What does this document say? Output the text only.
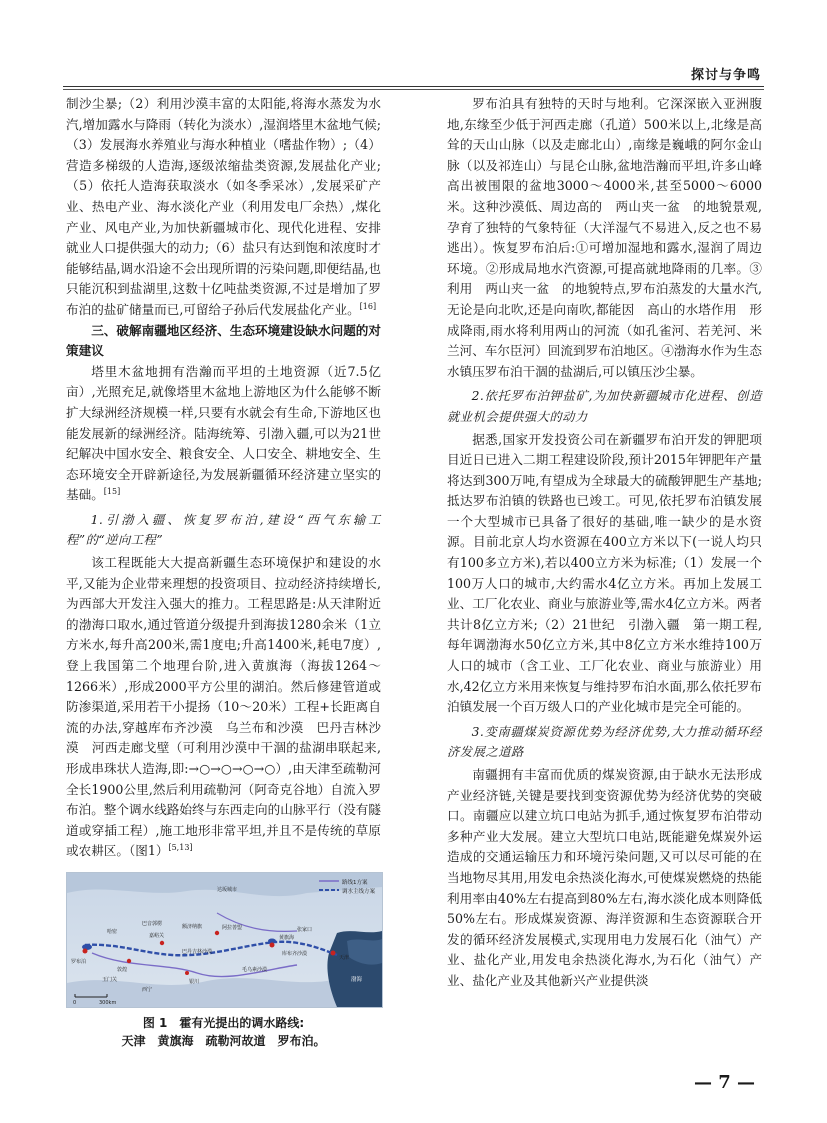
探讨与争鸣

制沙尘暴;（2）利用沙漠丰富的太阳能,将海水蒸发为水汽,增加露水与降雨（转化为淡水）,湿润塔里木盆地气候;（3）发展海水养殖业与海水种植业（嗜盐作物）;（4）营造多梯级的人造海,逐级浓缩盐类资源,发展盐化产业;（5）依托人造海获取淡水（如冬季采冰）,发展采矿产业、热电产业、海水淡化产业（利用发电厂余热）,煤化产业、风电产业,为加快新疆城市化、现代化进程、安排就业人口提供强大的动力;（6）盐只有达到饱和浓度时才能够结晶,调水沿途不会出现所谓的污染问题,即便结晶,也只能沉积到盐湖里,这数十亿吨盐类资源,不过是增加了罗布泊的盐矿储量而已,可留给子孙后代发展盐化产业。[16]

三、破解南疆地区经济、生态环境建设缺水问题的对策建议

塔里木盆地拥有浩瀚而平坦的土地资源（近7.5亿亩）,光照充足,就像塔里木盆地上游地区为什么能够不断扩大绿洲经济规模一样,只要有水就会有生命,下游地区也能发展新的绿洲经济。陆海统筹、引渤入疆,可以为21世纪解决中国水安全、粮食安全、人口安全、耕地安全、生态环境安全开辟新途径,为发展新疆循环经济建立坚实的基础。[15]

1.引渤入疆、恢复罗布泊,建设“西气东输工程”的“逆向工程”

该工程既能大大提高新疆生态环境保护和建设的水平,又能为企业带来理想的投资项目、拉动经济持续增长,为西部大开发注入强大的推力。工程思路是:从天津附近的渤海口取水,通过管道分级提升到海拔1280余米（1立方米水,每升高200米,需1度电;升高1400米,耗电7度）,登上我国第二个地理台阶,进入黄旗海（海拔1264～1266米）,形成2000平方公里的湖泊。然后修建管道或防渗渠道,采用若干小提扬（10～20米）工程+长距离自流的办法,穿越库布齐沙漠　乌兰布和沙漠　巴丹吉林沙漠　河西走廊戈壁（可利用沙漠中干涸的盐湖串联起来,形成串珠状人造海,即:→○→○→○→○）,由天津至疏勒河全长1900公里,然后利用疏勒河（阿奇克谷地）自流入罗布泊。整个调水线路始终与东西走向的山脉平行（没有隧道或穿插工程）,施工地形非常平坦,并且不是传统的草原或农耕区。（图1）[5,13]

路线1方案
调水主线方案
达坂城市
巴音郭楞	额济纳旗	阿拉善盟
黄旗海
张家口
天津
渤海
罗布泊
敦煌
哈密
玉门关
嘉峪关
巴丹吉林沙漠
毛乌素沙漠
库布齐沙漠
银川
西宁
0	300km
图 1　霍有光提出的调水路线:
天津　黄旗海　疏勒河故道　罗布泊。

罗布泊具有独特的天时与地利。它深深嵌入亚洲腹地,东缘至少低于河西走廊（孔道）500米以上,北缘是高耸的天山山脉（以及走廊北山）,南缘是巍峨的阿尔金山脉（以及祁连山）与昆仑山脉,盆地浩瀚而平坦,许多山峰高出被围限的盆地3000～4000米,甚至5000～6000米。这种沙漠低、周边高的　两山夹一盆　的地貌景观,孕育了独特的气象特征（大洋湿气不易进入,反之也不易逃出）。恢复罗布泊后:①可增加湿地和露水,湿润了周边环境。②形成局地水汽资源,可提高就地降雨的几率。③利用　两山夹一盆　的地貌特点,罗布泊蒸发的大量水汽,无论是向北吹,还是向南吹,都能因　高山的水塔作用　形成降雨,雨水将利用两山的河流（如孔雀河、若羌河、米兰河、车尔臣河）回流到罗布泊地区。④渤海水作为生态水镇压罗布泊干涸的盐湖后,可以镇压沙尘暴。

2.依托罗布泊钾盐矿,为加快新疆城市化进程、创造就业机会提供强大的动力

据悉,国家开发投资公司在新疆罗布泊开发的钾肥项目近日已进入二期工程建设阶段,预计2015年钾肥年产量将达到300万吨,有望成为全球最大的硫酸钾肥生产基地;抵达罗布泊镇的铁路也已竣工。可见,依托罗布泊镇发展一个大型城市已具备了很好的基础,唯一缺少的是水资源。目前北京人均水资源在400立方米以下(一说人均只有100多立方米),若以400立方米为标准;（1）发展一个100万人口的城市,大约需水4亿立方米。再加上发展工业、工厂化农业、商业与旅游业等,需水4亿立方米。两者共计8亿立方米;（2）21世纪　引渤入疆　第一期工程,每年调渤海水50亿立方米,其中8亿立方米水维持100万人口的城市（含工业、工厂化农业、商业与旅游业）用水,42亿立方米用来恢复与维持罗布泊水面,那么依托罗布泊镇发展一个百万级人口的产业化城市是完全可能的。

3.变南疆煤炭资源优势为经济优势,大力推动循环经济发展之道路

南疆拥有丰富而优质的煤炭资源,由于缺水无法形成产业经济链,关键是要找到变资源优势为经济优势的突破口。南疆应以建立坑口电站为抓手,通过恢复罗布泊带动多种产业大发展。建立大型坑口电站,既能避免煤炭外运造成的交通运输压力和环境污染问题,又可以尽可能的在当地物尽其用,用发电余热淡化海水,可使煤炭燃烧的热能利用率由40%左右提高到80%左右,海水淡化成本则降低50%左右。形成煤炭资源、海洋资源和生态资源联合开发的循环经济发展模式,实现用电力发展石化（油气）产业、盐化产业,用发电余热淡化海水,为石化（油气）产业、盐化产业及其他新兴产业提供淡

— 7 —
